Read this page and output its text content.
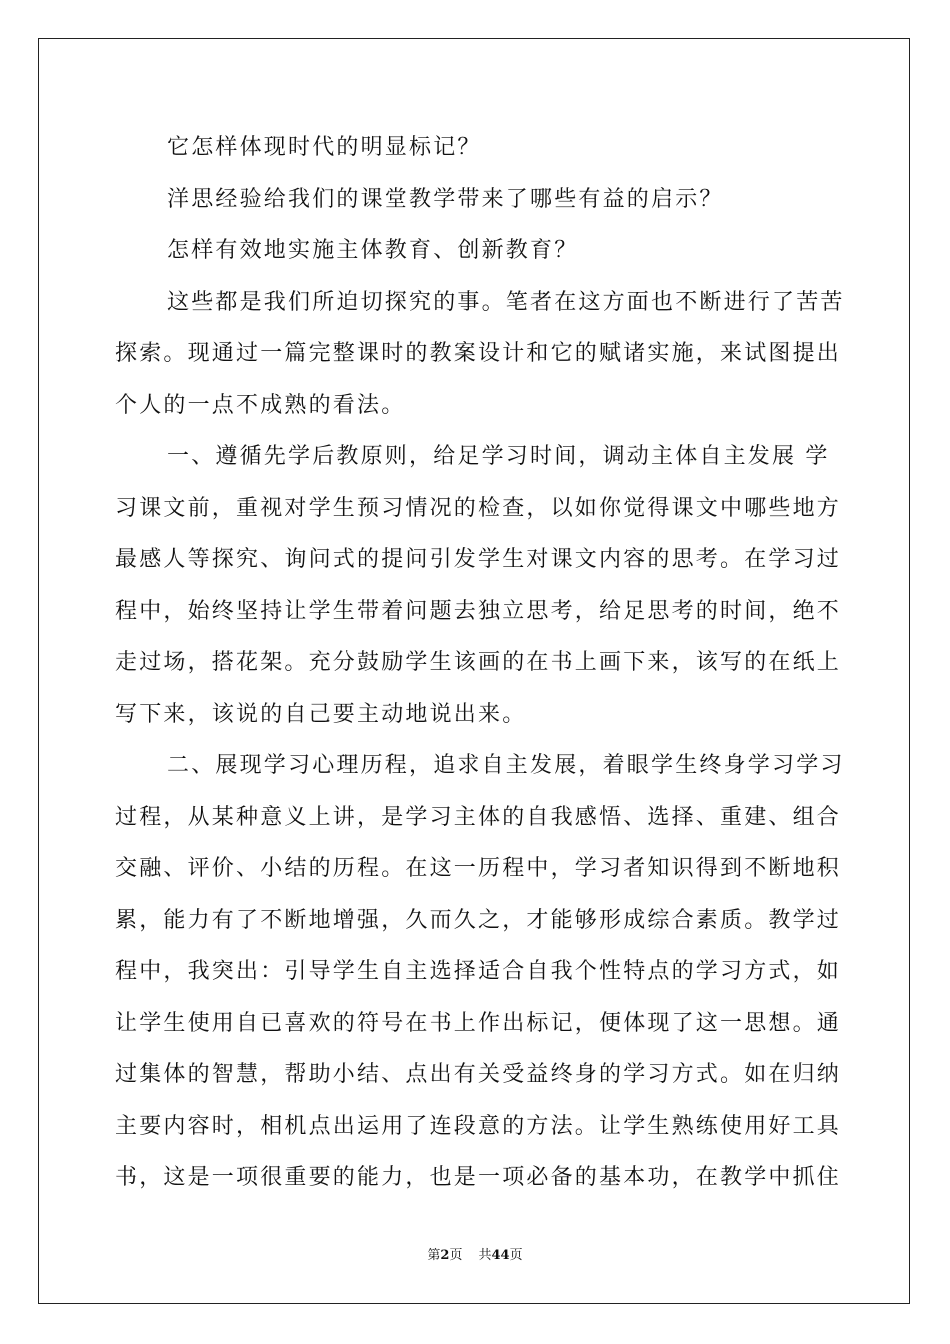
它怎样体现时代的明显标记？
洋思经验给我们的课堂教学带来了哪些有益的启示？
怎样有效地实施主体教育、创新教育？
这些都是我们所迫切探究的事。笔者在这方面也不断进行了苦苦
探索。现通过一篇完整课时的教案设计和它的赋诸实施，来试图提出
个人的一点不成熟的看法。
一、遵循先学后教原则，给足学习时间，调动主体自主发展 学
习课文前，重视对学生预习情况的检查，以如你觉得课文中哪些地方
最感人等探究、询问式的提问引发学生对课文内容的思考。在学习过
程中，始终坚持让学生带着问题去独立思考，给足思考的时间，绝不
走过场，搭花架。充分鼓励学生该画的在书上画下来，该写的在纸上
写下来，该说的自己要主动地说出来。
二、展现学习心理历程，追求自主发展，着眼学生终身学习学习
过程，从某种意义上讲，是学习主体的自我感悟、选择、重建、组合
交融、评价、小结的历程。在这一历程中，学习者知识得到不断地积
累，能力有了不断地增强，久而久之，才能够形成综合素质。教学过
程中，我突出：引导学生自主选择适合自我个性特点的学习方式，如
让学生使用自已喜欢的符号在书上作出标记，便体现了这一思想。通
过集体的智慧，帮助小结、点出有关受益终身的学习方式。如在归纳
主要内容时，相机点出运用了连段意的方法。让学生熟练使用好工具
书，这是一项很重要的能力，也是一项必备的基本功，在教学中抓住
第2页 共44页
